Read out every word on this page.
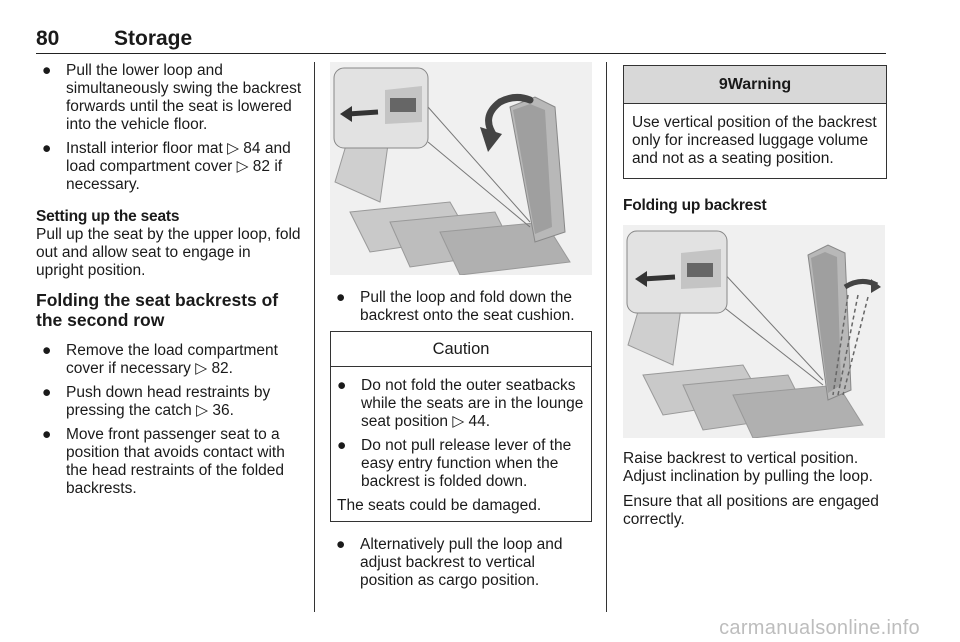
80	Storage
● Pull the lower loop and simultaneously swing the backrest forwards until the seat is lowered into the vehicle floor.
● Install interior floor mat ▷ 84 and load compartment cover ▷ 82 if necessary.
Setting up the seats
Pull up the seat by the upper loop, fold out and allow seat to engage in upright position.
Folding the seat backrests of the second row
● Remove the load compartment cover if necessary ▷ 82.
● Push down head restraints by pressing the catch ▷ 36.
● Move front passenger seat to a position that avoids contact with the head restraints of the folded backrests.
● Pull the loop and fold down the backrest onto the seat cushion.
Caution
● Do not fold the outer seatbacks while the seats are in the lounge seat position ▷ 44.
● Do not pull release lever of the easy entry function when the backrest is folded down.
The seats could be damaged.
● Alternatively pull the loop and adjust backrest to vertical position as cargo position.
9Warning
Use vertical position of the backrest only for increased luggage volume and not as a seating position.
Folding up backrest
Raise backrest to vertical position. Adjust inclination by pulling the loop.
Ensure that all positions are engaged correctly.
carmanualsonline.info
